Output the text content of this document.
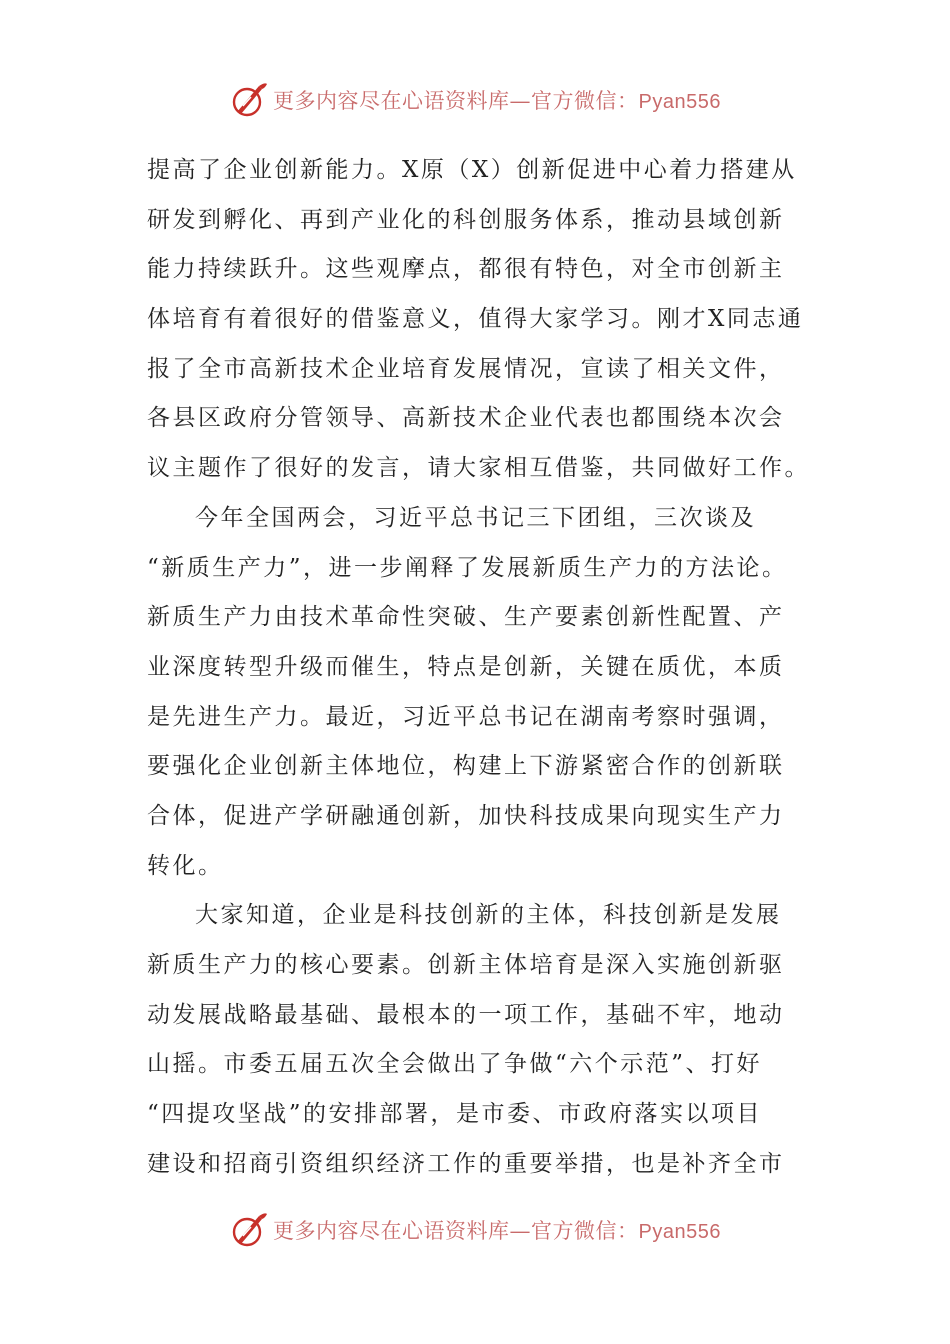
更多内容尽在心语资料库—官方微信：Pyan556
提高了企业创新能力。X原（X）创新促进中心着力搭建从
研发到孵化、再到产业化的科创服务体系，推动县域创新
能力持续跃升。这些观摩点，都很有特色，对全市创新主
体培育有着很好的借鉴意义，值得大家学习。刚才X同志通
报了全市高新技术企业培育发展情况，宣读了相关文件，
各县区政府分管领导、高新技术企业代表也都围绕本次会
议主题作了很好的发言，请大家相互借鉴，共同做好工作。
今年全国两会，习近平总书记三下团组，三次谈及
“新质生产力”，进一步阐释了发展新质生产力的方法论。
新质生产力由技术革命性突破、生产要素创新性配置、产
业深度转型升级而催生，特点是创新，关键在质优，本质
是先进生产力。最近，习近平总书记在湖南考察时强调，
要强化企业创新主体地位，构建上下游紧密合作的创新联
合体，促进产学研融通创新，加快科技成果向现实生产力
转化。
大家知道，企业是科技创新的主体，科技创新是发展
新质生产力的核心要素。创新主体培育是深入实施创新驱
动发展战略最基础、最根本的一项工作，基础不牢，地动
山摇。市委五届五次全会做出了争做“六个示范”、打好
“四提攻坚战”的安排部署，是市委、市政府落实以项目
建设和招商引资组织经济工作的重要举措，也是补齐全市
更多内容尽在心语资料库—官方微信：Pyan556
